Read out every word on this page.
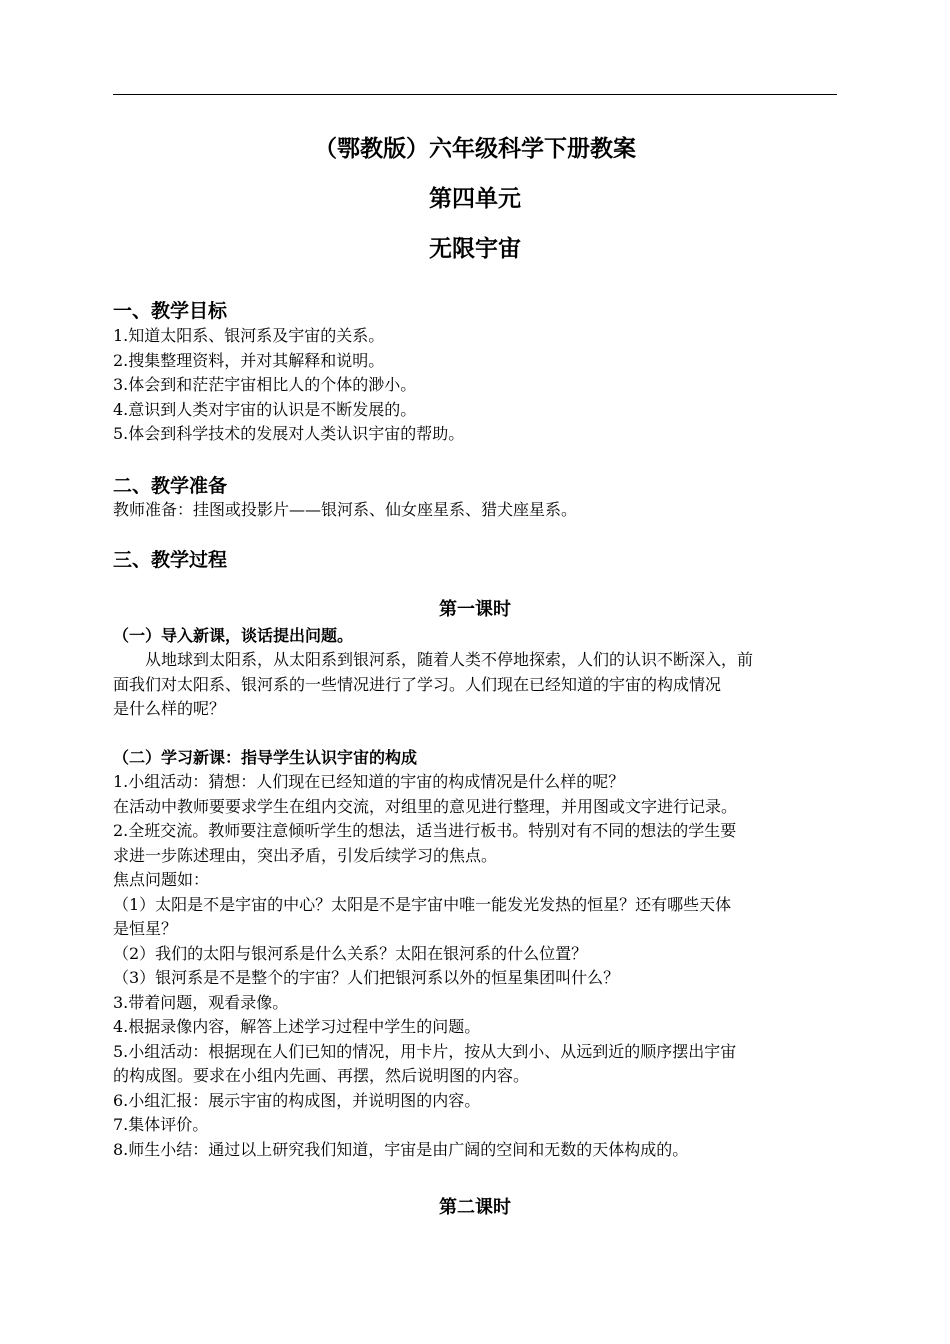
（鄂教版）六年级科学下册教案
第四单元
无限宇宙
一、教学目标
1.知道太阳系、银河系及宇宙的关系。
2.搜集整理资料，并对其解释和说明。
3.体会到和茫茫宇宙相比人的个体的渺小。
4.意识到人类对宇宙的认识是不断发展的。
5.体会到科学技术的发展对人类认识宇宙的帮助。
二、教学准备
教师准备：挂图或投影片——银河系、仙女座星系、猎犬座星系。
三、教学过程
第一课时
（一）导入新课，谈话提出问题。
从地球到太阳系，从太阳系到银河系，随着人类不停地探索，人们的认识不断深入，前
面我们对太阳系、银河系的一些情况进行了学习。人们现在已经知道的宇宙的构成情况
是什么样的呢？
（二）学习新课：指导学生认识宇宙的构成
1.小组活动：猜想：人们现在已经知道的宇宙的构成情况是什么样的呢？
在活动中教师要要求学生在组内交流，对组里的意见进行整理，并用图或文字进行记录。
2.全班交流。教师要注意倾听学生的想法，适当进行板书。特别对有不同的想法的学生要
求进一步陈述理由，突出矛盾，引发后续学习的焦点。
焦点问题如：
（1）太阳是不是宇宙的中心？太阳是不是宇宙中唯一能发光发热的恒星？还有哪些天体
是恒星？
（2）我们的太阳与银河系是什么关系？太阳在银河系的什么位置？
（3）银河系是不是整个的宇宙？人们把银河系以外的恒星集团叫什么？
3.带着问题，观看录像。
4.根据录像内容，解答上述学习过程中学生的问题。
5.小组活动：根据现在人们已知的情况，用卡片，按从大到小、从远到近的顺序摆出宇宙
的构成图。要求在小组内先画、再摆，然后说明图的内容。
6.小组汇报：展示宇宙的构成图，并说明图的内容。
7.集体评价。
8.师生小结：通过以上研究我们知道，宇宙是由广阔的空间和无数的天体构成的。
第二课时
